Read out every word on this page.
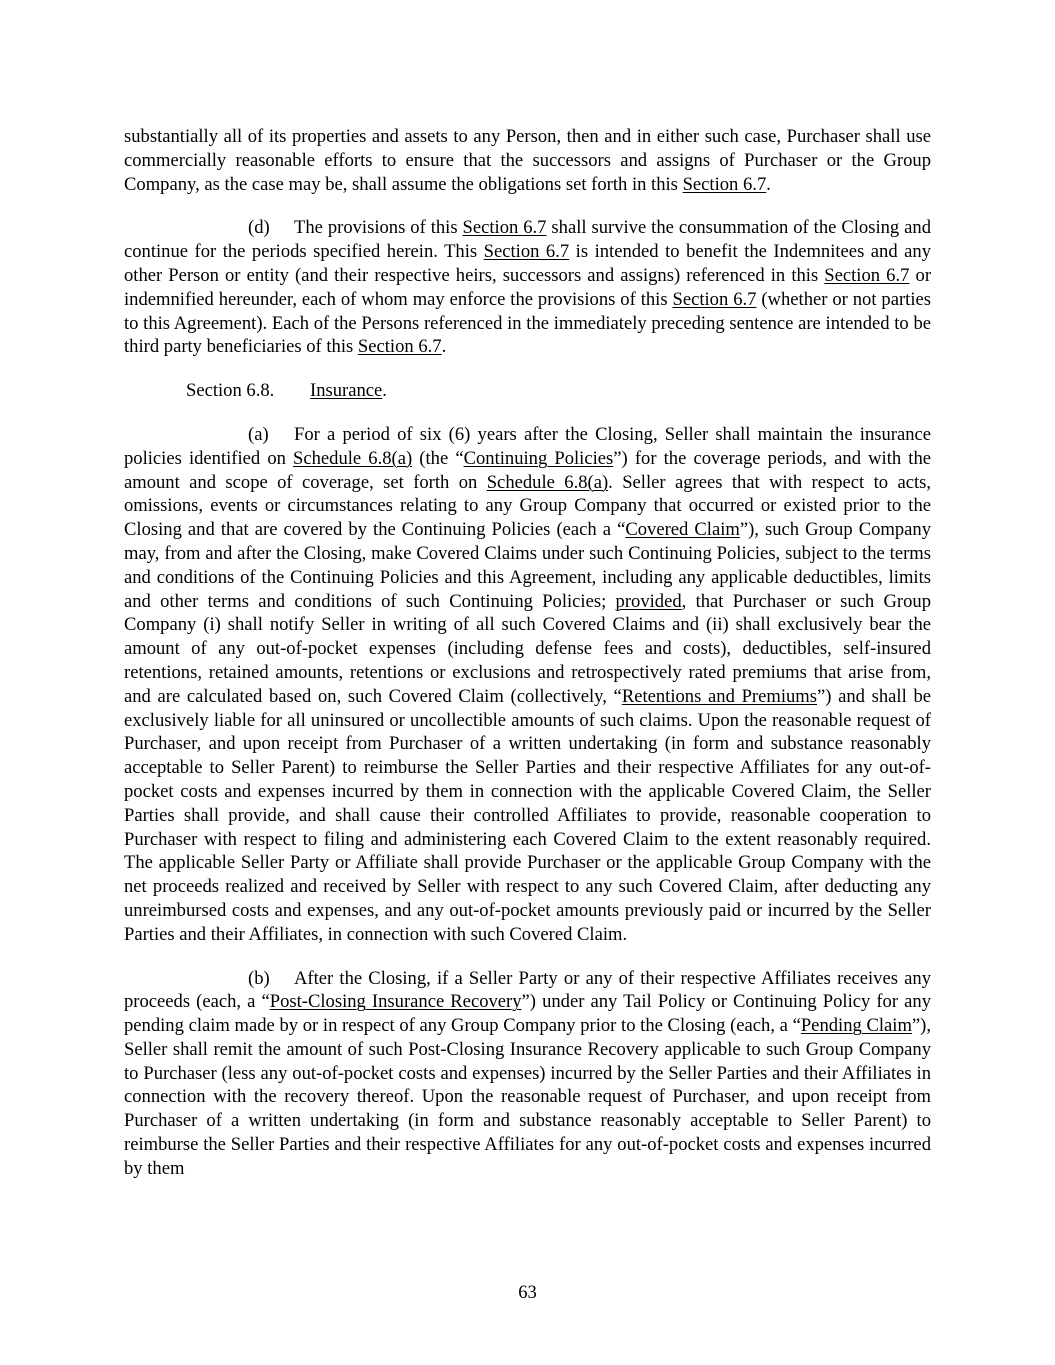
substantially all of its properties and assets to any Person, then and in either such case, Purchaser shall use commercially reasonable efforts to ensure that the successors and assigns of Purchaser or the Group Company, as the case may be, shall assume the obligations set forth in this Section 6.7.

(d) The provisions of this Section 6.7 shall survive the consummation of the Closing and continue for the periods specified herein. This Section 6.7 is intended to benefit the Indemnitees and any other Person or entity (and their respective heirs, successors and assigns) referenced in this Section 6.7 or indemnified hereunder, each of whom may enforce the provisions of this Section 6.7 (whether or not parties to this Agreement). Each of the Persons referenced in the immediately preceding sentence are intended to be third party beneficiaries of this Section 6.7.

Section 6.8. Insurance.

(a) For a period of six (6) years after the Closing, Seller shall maintain the insurance policies identified on Schedule 6.8(a) (the “Continuing Policies”) for the coverage periods, and with the amount and scope of coverage, set forth on Schedule 6.8(a). Seller agrees that with respect to acts, omissions, events or circumstances relating to any Group Company that occurred or existed prior to the Closing and that are covered by the Continuing Policies (each a “Covered Claim”), such Group Company may, from and after the Closing, make Covered Claims under such Continuing Policies, subject to the terms and conditions of the Continuing Policies and this Agreement, including any applicable deductibles, limits and other terms and conditions of such Continuing Policies; provided, that Purchaser or such Group Company (i) shall notify Seller in writing of all such Covered Claims and (ii) shall exclusively bear the amount of any out-of-pocket expenses (including defense fees and costs), deductibles, self-insured retentions, retained amounts, retentions or exclusions and retrospectively rated premiums that arise from, and are calculated based on, such Covered Claim (collectively, “Retentions and Premiums”) and shall be exclusively liable for all uninsured or uncollectible amounts of such claims. Upon the reasonable request of Purchaser, and upon receipt from Purchaser of a written undertaking (in form and substance reasonably acceptable to Seller Parent) to reimburse the Seller Parties and their respective Affiliates for any out-of-pocket costs and expenses incurred by them in connection with the applicable Covered Claim, the Seller Parties shall provide, and shall cause their controlled Affiliates to provide, reasonable cooperation to Purchaser with respect to filing and administering each Covered Claim to the extent reasonably required. The applicable Seller Party or Affiliate shall provide Purchaser or the applicable Group Company with the net proceeds realized and received by Seller with respect to any such Covered Claim, after deducting any unreimbursed costs and expenses, and any out-of-pocket amounts previously paid or incurred by the Seller Parties and their Affiliates, in connection with such Covered Claim.

(b) After the Closing, if a Seller Party or any of their respective Affiliates receives any proceeds (each, a “Post-Closing Insurance Recovery”) under any Tail Policy or Continuing Policy for any pending claim made by or in respect of any Group Company prior to the Closing (each, a “Pending Claim”), Seller shall remit the amount of such Post-Closing Insurance Recovery applicable to such Group Company to Purchaser (less any out-of-pocket costs and expenses) incurred by the Seller Parties and their Affiliates in connection with the recovery thereof. Upon the reasonable request of Purchaser, and upon receipt from Purchaser of a written undertaking (in form and substance reasonably acceptable to Seller Parent) to reimburse the Seller Parties and their respective Affiliates for any out-of-pocket costs and expenses incurred by them

63
